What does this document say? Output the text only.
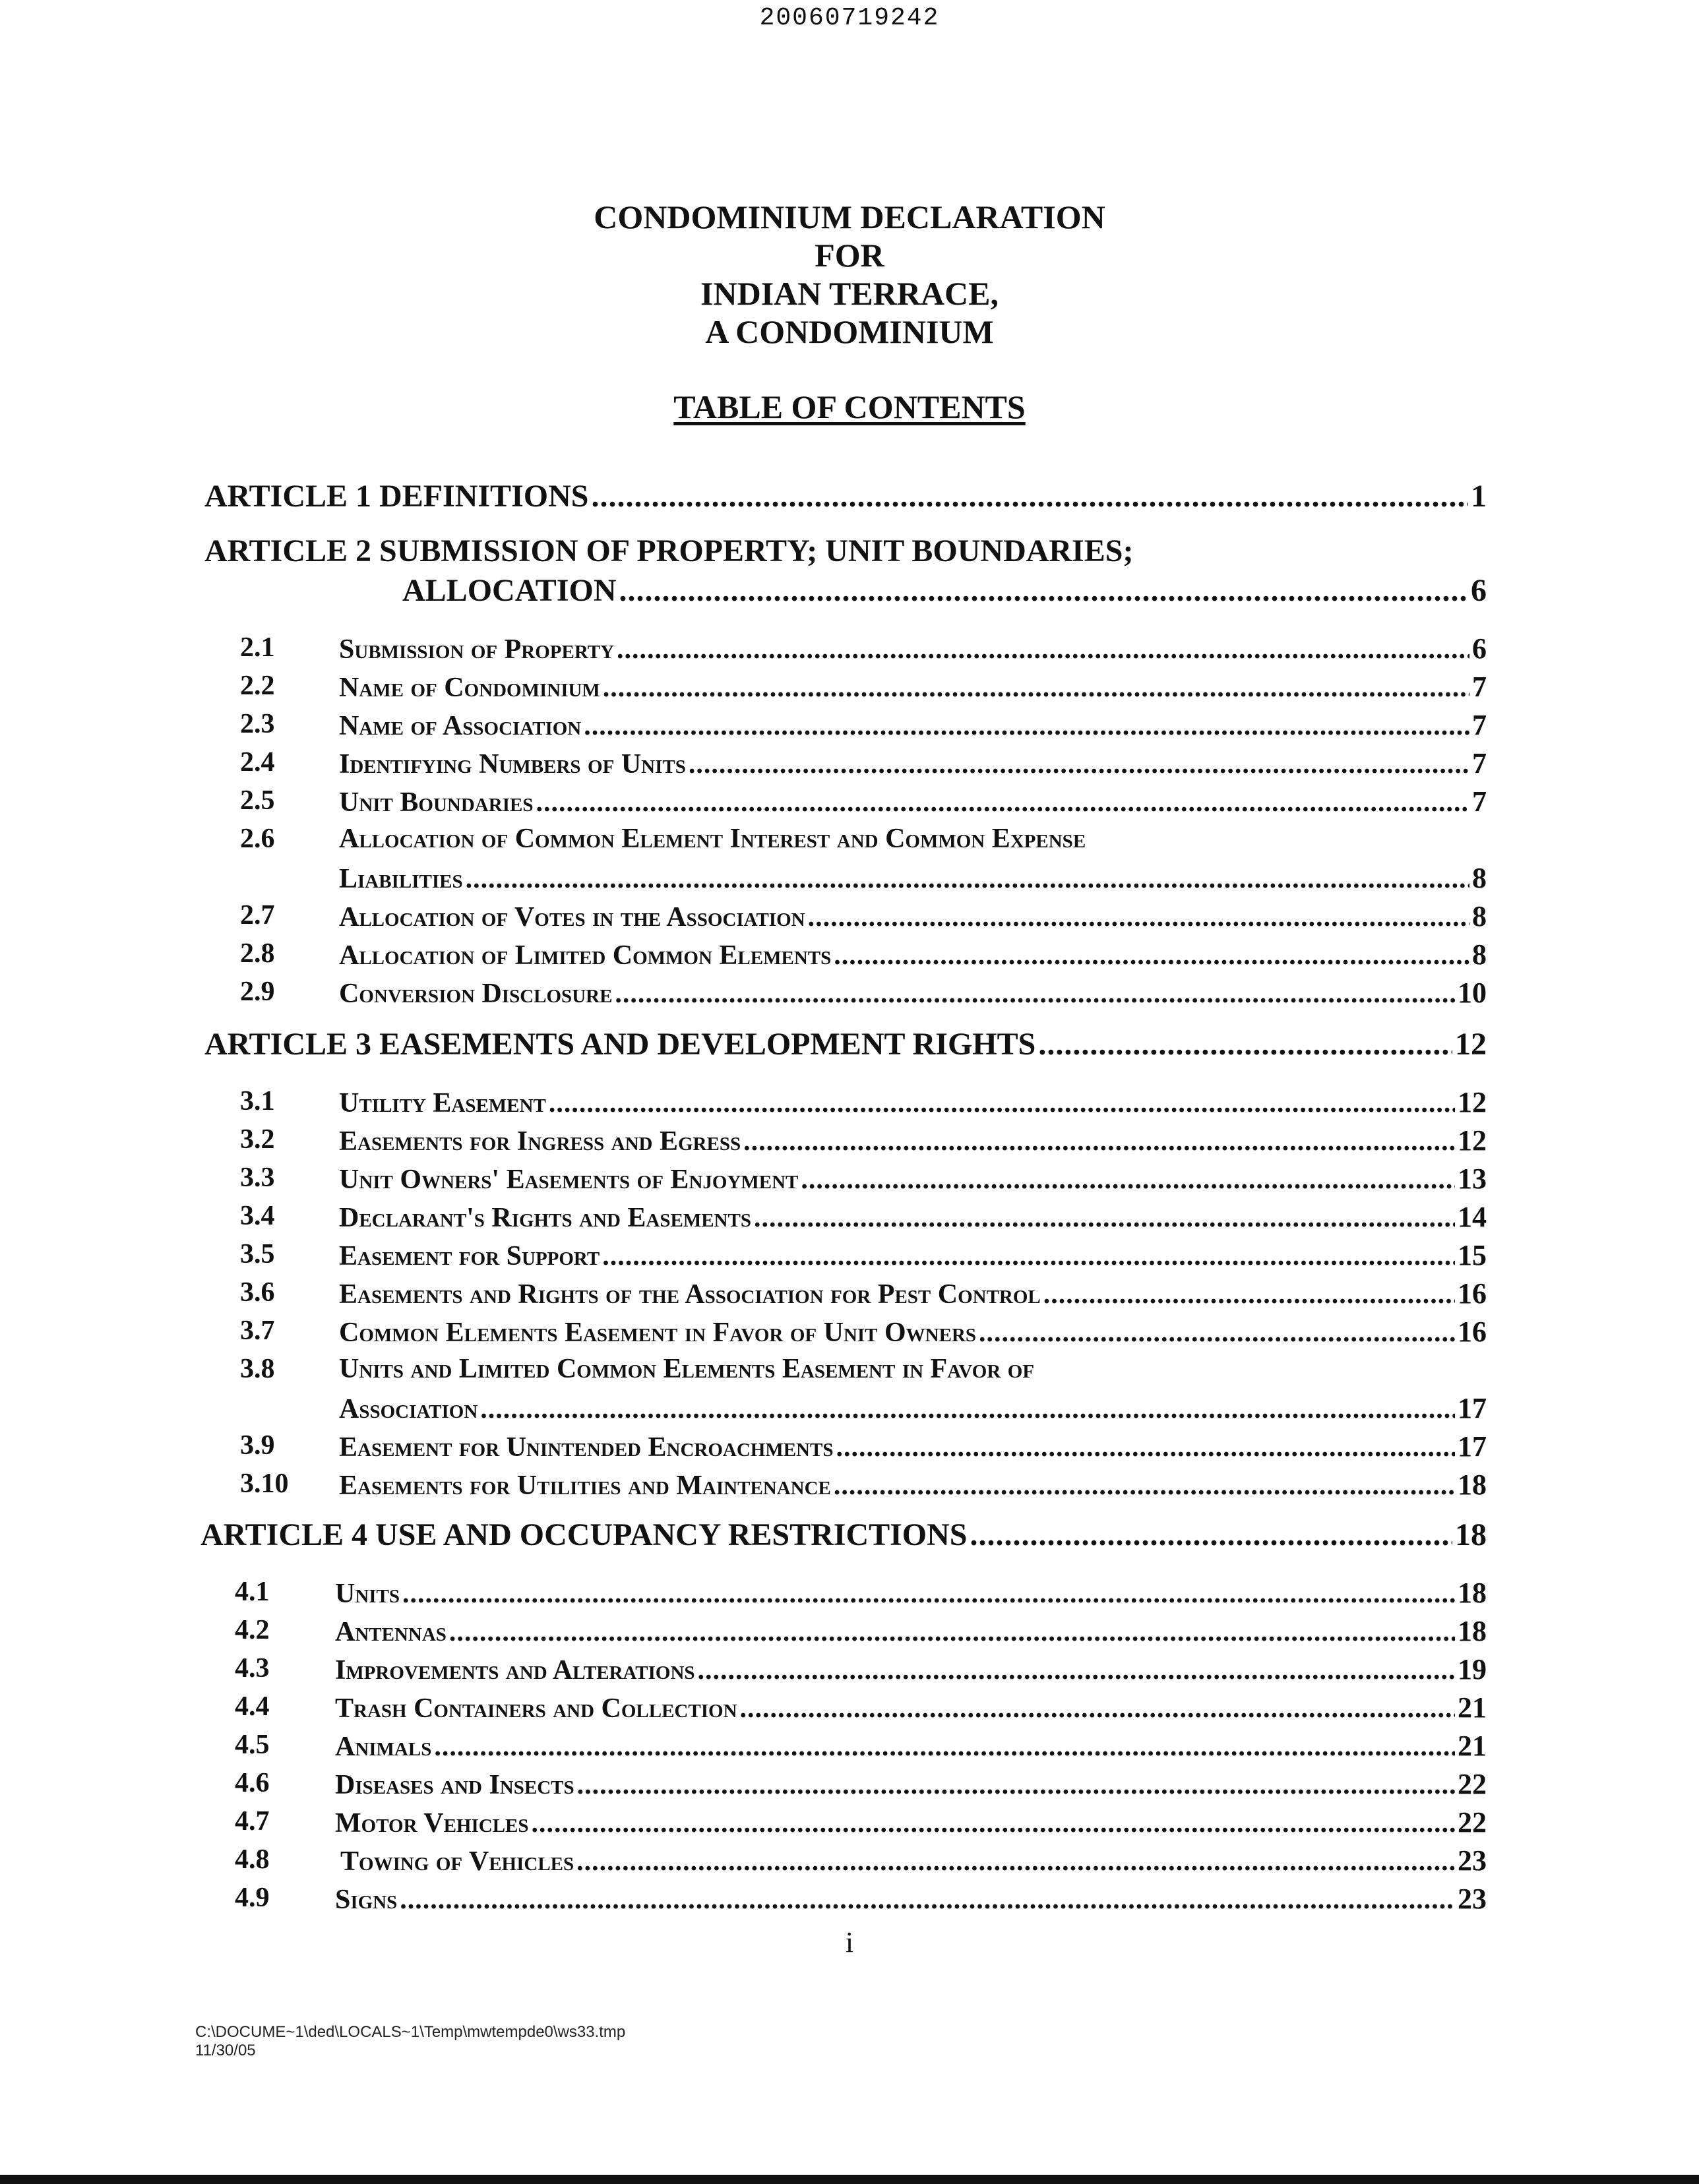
20060719242
CONDOMINIUM DECLARATION
FOR
INDIAN TERRACE,
A CONDOMINIUM
TABLE OF CONTENTS
ARTICLE 1 DEFINITIONS .....	1
ARTICLE 2 SUBMISSION OF PROPERTY; UNIT BOUNDARIES;
ALLOCATION .....	6
2.1	Submission of Property .....	6
2.2	Name of Condominium .....	7
2.3	Name of Association .....	7
2.4	Identifying Numbers of Units .....	7
2.5	Unit Boundaries .....	7
2.6	Allocation of Common Element Interest and Common Expense
Liabilities .....	8
2.7	Allocation of Votes in the Association .....	8
2.8	Allocation of Limited Common Elements .....	8
2.9	Conversion Disclosure .....	10
ARTICLE 3 EASEMENTS AND DEVELOPMENT RIGHTS .....	12
3.1	Utility Easement .....	12
3.2	Easements for Ingress and Egress .....	12
3.3	Unit Owners' Easements of Enjoyment .....	13
3.4	Declarant's Rights and Easements .....	14
3.5	Easement for Support .....	15
3.6	Easements and Rights of the Association for Pest Control .....	16
3.7	Common Elements Easement in Favor of Unit Owners .....	16
3.8	Units and Limited Common Elements Easement in Favor of
Association .....	17
3.9	Easement for Unintended Encroachments .....	17
3.10	Easements for Utilities and Maintenance .....	18
ARTICLE 4 USE AND OCCUPANCY RESTRICTIONS .....	18
4.1	Units .....	18
4.2	Antennas .....	18
4.3	Improvements and Alterations .....	19
4.4	Trash Containers and Collection .....	21
4.5	Animals .....	21
4.6	Diseases and Insects .....	22
4.7	Motor Vehicles .....	22
4.8	Towing of Vehicles .....	23
4.9	Signs .....	23
i
C:\DOCUME~1\ded\LOCALS~1\Temp\mwtempde0\ws33.tmp
11/30/05
